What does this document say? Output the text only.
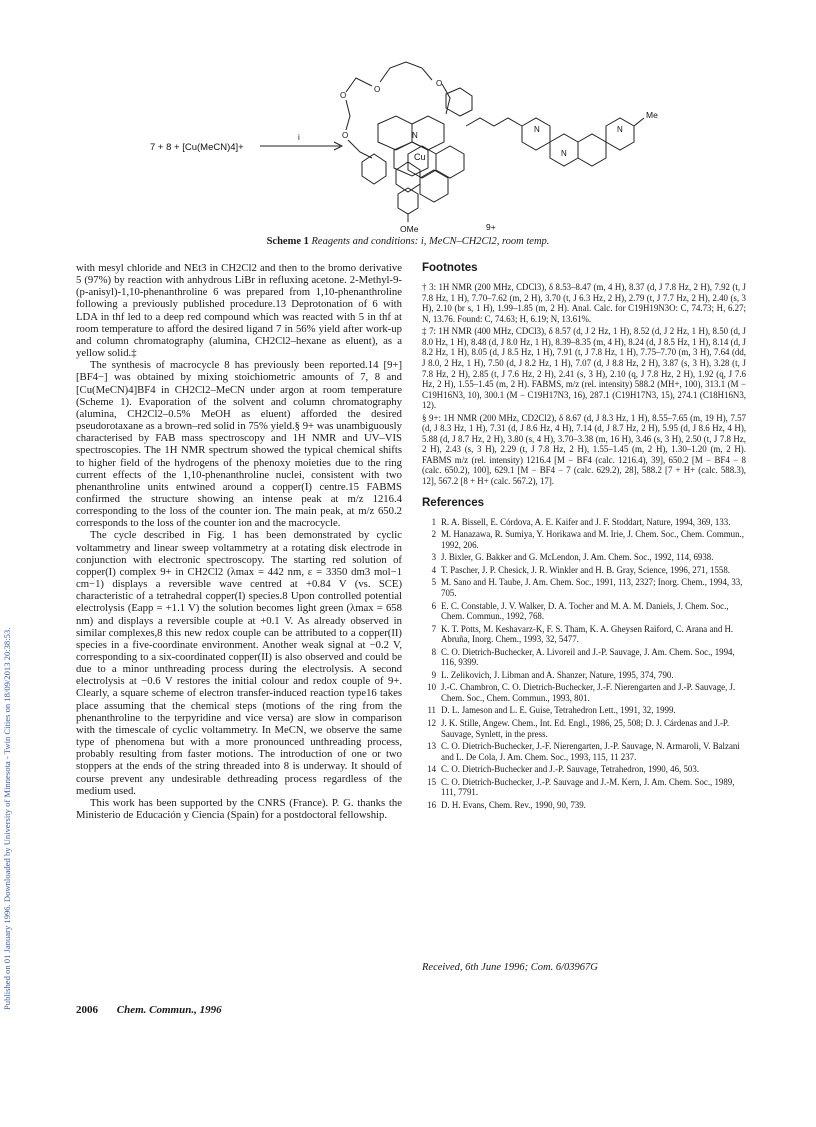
Published on 01 January 1996. Downloaded by University of Minnesota - Twin Cities on 18/09/2013 20:38:53.
7 + 8 + [Cu(MeCN)4]+
i
O
O
O
O
N
Cu
N
N
N
OMe
Me
9+
Scheme 1 Reagents and conditions: i, MeCN–CH2Cl2, room temp.

with mesyl chloride and NEt3 in CH2Cl2 and then to the bromo derivative 5 (97%) by reaction with anhydrous LiBr in refluxing acetone. 2-Methyl-9-(p-anisyl)-1,10-phenanthroline 6 was prepared from 1,10-phenanthroline following a previously published procedure.13 Deprotonation of 6 with LDA in thf led to a deep red compound which was reacted with 5 in thf at room temperature to afford the desired ligand 7 in 56% yield after work-up and column chromatography (alumina, CH2Cl2–hexane as eluent), as a yellow solid.‡

The synthesis of macrocycle 8 has previously been reported.14 [9+][BF4−] was obtained by mixing stoichiometric amounts of 7, 8 and [Cu(MeCN)4]BF4 in CH2Cl2–MeCN under argon at room temperature (Scheme 1). Evaporation of the solvent and column chromatography (alumina, CH2Cl2–0.5% MeOH as eluent) afforded the desired pseudorotaxane as a brown–red solid in 75% yield.§ 9+ was unambiguously characterised by FAB mass spectroscopy and 1H NMR and UV–VIS spectroscopies. The 1H NMR spectrum showed the typical chemical shifts to higher field of the hydrogens of the phenoxy moieties due to the ring current effects of the 1,10-phenanthroline nuclei, consistent with two phenanthroline units entwined around a copper(I) centre.15 FABMS confirmed the structure showing an intense peak at m/z 1216.4 corresponding to the loss of the counter ion. The main peak, at m/z 650.2 corresponds to the loss of the counter ion and the macrocycle.

The cycle described in Fig. 1 has been demonstrated by cyclic voltammetry and linear sweep voltammetry at a rotating disk electrode in conjunction with electronic spectroscopy. The starting red solution of copper(I) complex 9+ in CH2Cl2 (λmax = 442 nm, ε = 3350 dm3 mol−1 cm−1) displays a reversible wave centred at +0.84 V (vs. SCE) characteristic of a tetrahedral copper(I) species.8 Upon controlled potential electrolysis (Eapp = +1.1 V) the solution becomes light green (λmax = 658 nm) and displays a reversible couple at +0.1 V. As already observed in similar complexes,8 this new redox couple can be attributed to a copper(II) species in a five-coordinate environment. Another weak signal at −0.2 V, corresponding to a six-coordinated copper(II) is also observed and could be due to a minor unthreading process during the electrolysis. A second electrolysis at −0.6 V restores the initial colour and redox couple of 9+. Clearly, a square scheme of electron transfer-induced reaction type16 takes place assuming that the chemical steps (motions of the ring from the phenanthroline to the terpyridine and vice versa) are slow in comparison with the timescale of cyclic voltammetry. In MeCN, we observe the same type of phenomena but with a more pronounced unthreading process, probably resulting from faster motions. The introduction of one or two stoppers at the ends of the string threaded into 8 is underway. It should of course prevent any undesirable dethreading process regardless of the medium used.

This work has been supported by the CNRS (France). P. G. thanks the Ministerio de Educación y Ciencia (Spain) for a postdoctoral fellowship.

Footnotes

† 3: 1H NMR (200 MHz, CDCl3), δ 8.53–8.47 (m, 4 H), 8.37 (d, J 7.8 Hz, 2 H), 7.92 (t, J 7.8 Hz, 1 H), 7.70–7.62 (m, 2 H), 3.70 (t, J 6.3 Hz, 2 H), 2.79 (t, J 7.7 Hz, 2 H), 2.40 (s, 3 H), 2.10 (br s, 1 H), 1.99–1.85 (m, 2 H). Anal. Calc. for C19H19N3O: C, 74.73; H, 6.27; N, 13.76. Found: C, 74.63; H, 6.19; N, 13.61%.

‡ 7: 1H NMR (400 MHz, CDCl3), δ 8.57 (d, J 2 Hz, 1 H), 8.52 (d, J 2 Hz, 1 H), 8.50 (d, J 8.0 Hz, 1 H), 8.48 (d, J 8.0 Hz, 1 H), 8.39–8.35 (m, 4 H), 8.24 (d, J 8.5 Hz, 1 H), 8.14 (d, J 8.2 Hz, 1 H), 8.05 (d, J 8.5 Hz, 1 H), 7.91 (t, J 7.8 Hz, 1 H), 7.75–7.70 (m, 3 H), 7.64 (dd, J 8.0, 2 Hz, 1 H), 7.50 (d, J 8.2 Hz, 1 H), 7.07 (d, J 8.8 Hz, 2 H), 3.87 (s, 3 H), 3.28 (t, J 7.8 Hz, 2 H), 2.85 (t, J 7.6 Hz, 2 H), 2.41 (s, 3 H), 2.10 (q, J 7.8 Hz, 2 H), 1.92 (q, J 7.6 Hz, 2 H), 1.55–1.45 (m, 2 H). FABMS, m/z (rel. intensity) 588.2 (MH+, 100), 313.1 (M − C19H16N3, 10), 300.1 (M − C19H17N3, 16), 287.1 (C19H17N3, 15), 274.1 (C18H16N3, 12).

§ 9+: 1H NMR (200 MHz, CD2Cl2), δ 8.67 (d, J 8.3 Hz, 1 H), 8.55–7.65 (m, 19 H), 7.57 (d, J 8.3 Hz, 1 H), 7.31 (d, J 8.6 Hz, 4 H), 7.14 (d, J 8.7 Hz, 2 H), 5.95 (d, J 8.6 Hz, 4 H), 5.88 (d, J 8.7 Hz, 2 H), 3.80 (s, 4 H), 3.70–3.38 (m, 16 H), 3.46 (s, 3 H), 2.50 (t, J 7.8 Hz, 2 H), 2.43 (s, 3 H), 2.29 (t, J 7.8 Hz, 2 H), 1.55–1.45 (m, 2 H), 1.30–1.20 (m, 2 H). FABMS m/z (rel. intensity) 1216.4 [M − BF4 (calc. 1216.4), 39], 650.2 [M − BF4 − 8 (calc. 650.2), 100], 629.1 [M − BF4 − 7 (calc. 629.2), 28], 588.2 [7 + H+ (calc. 588.3), 12], 567.2 [8 + H+ (calc. 567.2), 17].

References
1 R. A. Bissell, E. Córdova, A. E. Kaifer and J. F. Stoddart, Nature, 1994, 369, 133.
2 M. Hanazawa, R. Sumiya, Y. Horikawa and M. Irie, J. Chem. Soc., Chem. Commun., 1992, 206.
3 J. Bixler, G. Bakker and G. McLendon, J. Am. Chem. Soc., 1992, 114, 6938.
4 T. Pascher, J. P. Chesick, J. R. Winkler and H. B. Gray, Science, 1996, 271, 1558.
5 M. Sano and H. Taube, J. Am. Chem. Soc., 1991, 113, 2327; Inorg. Chem., 1994, 33, 705.
6 E. C. Constable, J. V. Walker, D. A. Tocher and M. A. M. Daniels, J. Chem. Soc., Chem. Commun., 1992, 768.
7 K. T. Potts, M. Keshavarz-K, F. S. Tham, K. A. Gheysen Raiford, C. Arana and H. Abruña, Inorg. Chem., 1993, 32, 5477.
8 C. O. Dietrich-Buchecker, A. Livoreil and J.-P. Sauvage, J. Am. Chem. Soc., 1994, 116, 9399.
9 L. Zelikovich, J. Libman and A. Shanzer, Nature, 1995, 374, 790.
10 J.-C. Chambron, C. O. Dietrich-Buchecker, J.-F. Nierengarten and J.-P. Sauvage, J. Chem. Soc., Chem. Commun., 1993, 801.
11 D. L. Jameson and L. E. Guise, Tetrahedron Lett., 1991, 32, 1999.
12 J. K. Stille, Angew. Chem., Int. Ed. Engl., 1986, 25, 508; D. J. Cárdenas and J.-P. Sauvage, Synlett, in the press.
13 C. O. Dietrich-Buchecker, J.-F. Nierengarten, J.-P. Sauvage, N. Armaroli, V. Balzani and L. De Cola, J. Am. Chem. Soc., 1993, 115, 11 237.
14 C. O. Dietrich-Buchecker and J.-P. Sauvage, Tetrahedron, 1990, 46, 503.
15 C. O. Dietrich-Buchecker, J.-P. Sauvage and J.-M. Kern, J. Am. Chem. Soc., 1989, 111, 7791.
16 D. H. Evans, Chem. Rev., 1990, 90, 739.
Received, 6th June 1996; Com. 6/03967G
2006 Chem. Commun., 1996
